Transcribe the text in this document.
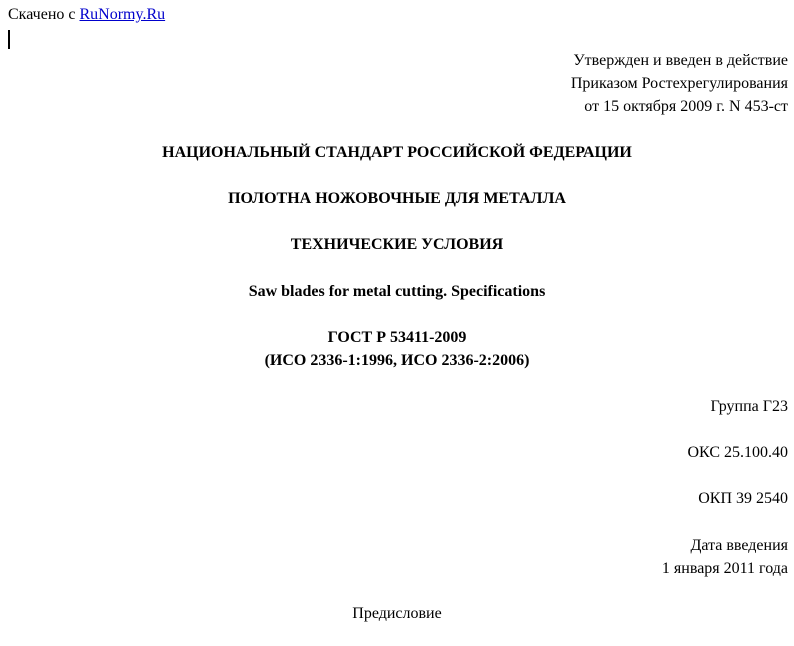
Скачено с RuNormy.Ru
Утвержден и введен в действие
Приказом Ростехрегулирования
от 15 октября 2009 г. N 453-ст
НАЦИОНАЛЬНЫЙ СТАНДАРТ РОССИЙСКОЙ ФЕДЕРАЦИИ
ПОЛОТНА НОЖОВОЧНЫЕ ДЛЯ МЕТАЛЛА
ТЕХНИЧЕСКИЕ УСЛОВИЯ
Saw blades for metal cutting. Specifications
ГОСТ Р 53411-2009
(ИСО 2336-1:1996, ИСО 2336-2:2006)
Группа Г23
ОКС 25.100.40
ОКП 39 2540
Дата введения
1 января 2011 года
Предисловие
